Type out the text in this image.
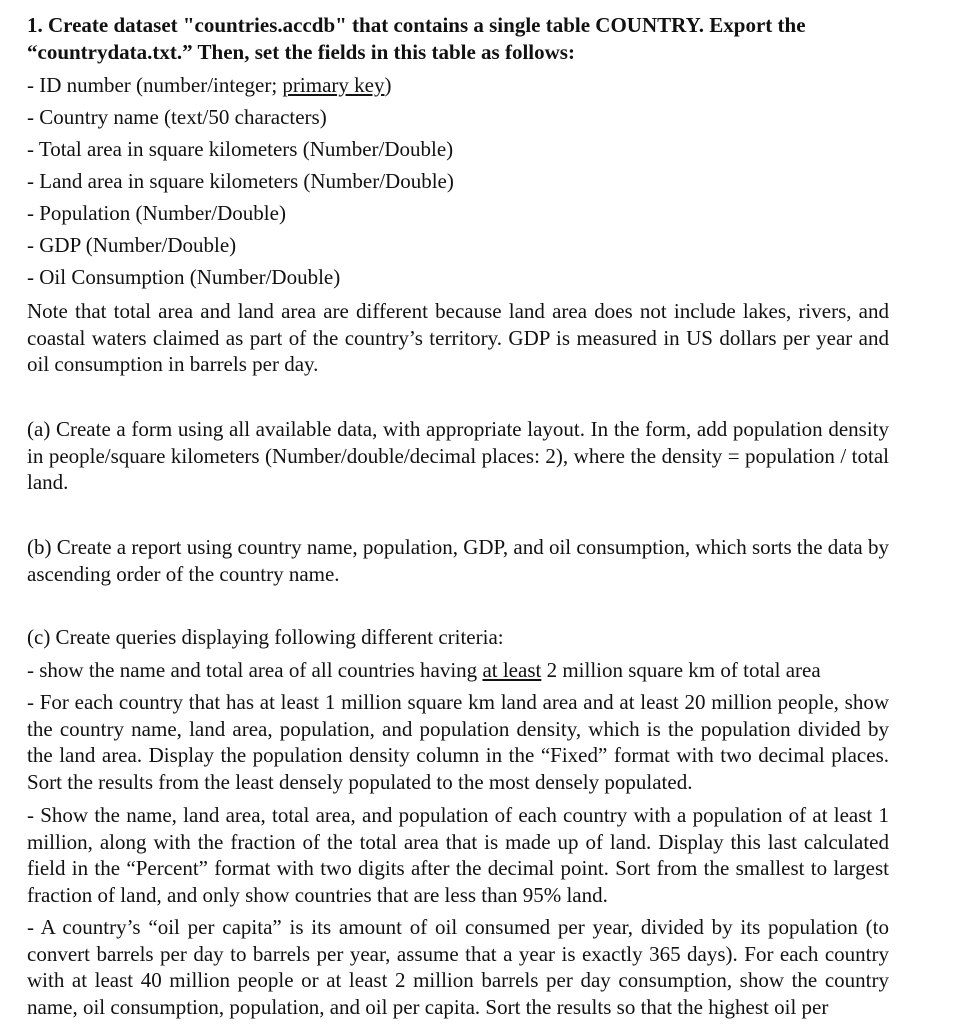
1. Create dataset "countries.accdb" that contains a single table COUNTRY. Export the
“countrydata.txt.” Then, set the fields in this table as follows:
- ID number (number/integer; primary key)
- Country name (text/50 characters)
- Total area in square kilometers (Number/Double)
- Land area in square kilometers (Number/Double)
- Population (Number/Double)
- GDP (Number/Double)
- Oil Consumption (Number/Double)
Note that total area and land area are different because land area does not include lakes, rivers, and coastal waters claimed as part of the country’s territory. GDP is measured in US dollars per year and oil consumption in barrels per day.
(a) Create a form using all available data, with appropriate layout. In the form, add population density in people/square kilometers (Number/double/decimal places: 2), where the density = population / total land.
(b) Create a report using country name, population, GDP, and oil consumption, which sorts the data by ascending order of the country name.
(c) Create queries displaying following different criteria:
- show the name and total area of all countries having at least 2 million square km of total area
- For each country that has at least 1 million square km land area and at least 20 million people, show the country name, land area, population, and population density, which is the population divided by the land area. Display the population density column in the “Fixed” format with two decimal places. Sort the results from the least densely populated to the most densely populated.
- Show the name, land area, total area, and population of each country with a population of at least 1 million, along with the fraction of the total area that is made up of land. Display this last calculated field in the “Percent” format with two digits after the decimal point. Sort from the smallest to largest fraction of land, and only show countries that are less than 95% land.
- A country’s “oil per capita” is its amount of oil consumed per year, divided by its population (to convert barrels per day to barrels per year, assume that a year is exactly 365 days). For each country with at least 40 million people or at least 2 million barrels per day consumption, show the country name, oil consumption, population, and oil per capita. Sort the results so that the highest oil per
